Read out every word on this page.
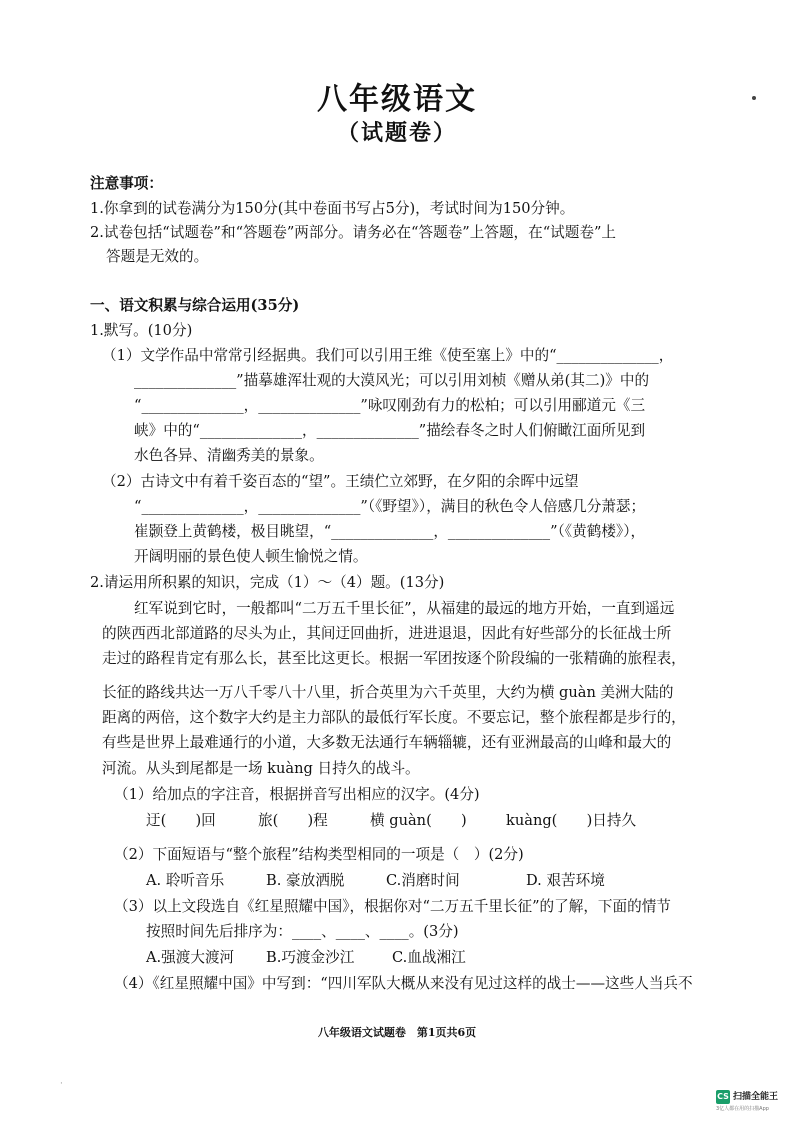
八年级语文
（试题卷）
注意事项：
1.你拿到的试卷满分为150分(其中卷面书写占5分)，考试时间为150分钟。
2.试卷包括“试题卷”和“答题卷”两部分。请务必在“答题卷”上答题，在“试题卷”上
答题是无效的。
一、语文积累与综合运用(35分)
1.默写。(10分)
（1）文学作品中常常引经据典。我们可以引用王维《使至塞上》中的“______________，
______________”描摹雄浑壮观的大漠风光；可以引用刘桢《赠从弟(其二)》中的
“______________，______________”咏叹刚劲有力的松柏；可以引用郦道元《三
峡》中的“______________，______________”描绘春冬之时人们俯瞰江面所见到
水色各异、清幽秀美的景象。
（2）古诗文中有着千姿百态的“望”。王绩伫立郊野，在夕阳的余晖中远望
“______________，______________”（《野望》），满目的秋色令人倍感几分萧瑟；
崔颢登上黄鹤楼，极目眺望，“______________，______________”（《黄鹤楼》），
开阔明丽的景色使人顿生愉悦之情。
2.请运用所积累的知识，完成（1）～（4）题。(13分)
红军说到它时，一般都叫“二万五千里长征”，从福建的最远的地方开始，一直到遥远
的陕西西北部道路的尽头为止，其间迂回曲折，进进退退，因此有好些部分的长征战士所
走过的路程肯定有那么长，甚至比这更长。根据一军团按逐个阶段编的一张精确的旅程表，
长征的路线共达一万八千零八十八里，折合英里为六千英里，大约为横 guàn 美洲大陆的
距离的两倍，这个数字大约是主力部队的最低行军长度。不要忘记，整个旅程都是步行的，
有些是世界上最难通行的小道，大多数无法通行车辆辎辘，还有亚洲最高的山峰和最大的
河流。从头到尾都是一场 kuàng 日持久的战斗。
（1）给加点的字注音，根据拼音写出相应的汉字。(4分)
迂(　　)回	旅(　　)程	横 guàn(　　)	kuàng(　　)日持久
（2）下面短语与“整个旅程”结构类型相同的一项是（　）(2分)
A. 聆听音乐	B. 豪放洒脱	C.消磨时间	D. 艰苦环境
（3）以上文段选自《红星照耀中国》，根据你对“二万五千里长征”的了解，下面的情节
按照时间先后排序为：____、____、____。(3分)
A.强渡大渡河 B.巧渡金沙江	C.血战湘江
（4）《红星照耀中国》中写到：“四川军队大概从来没有见过这样的战士——这些人当兵不
八年级语文试题卷　第1页共6页
·
CS 扫描全能王
3亿人都在用的扫描App
